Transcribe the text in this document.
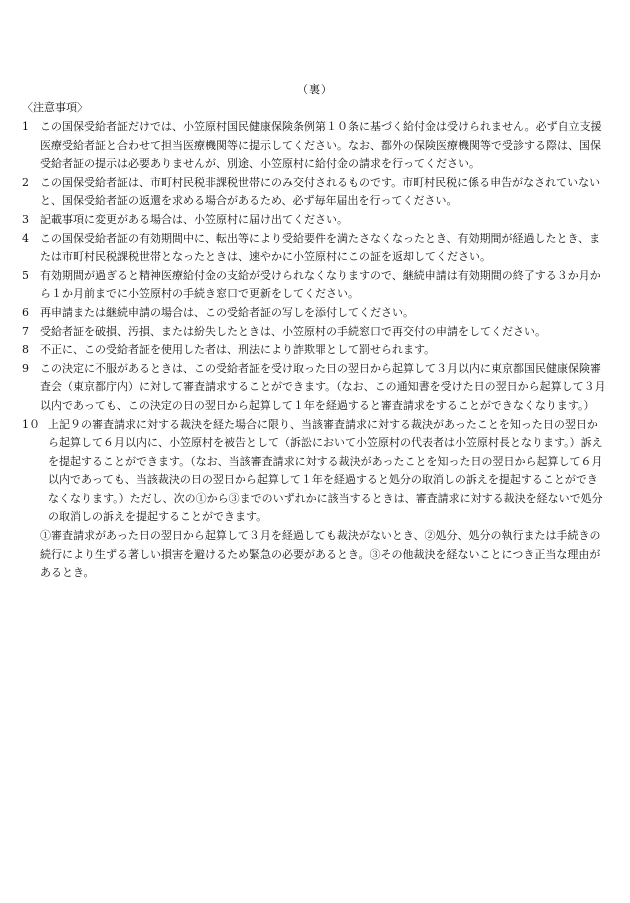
（裏）
〈注意事項〉

1 この国保受給者証だけでは、小笠原村国民健康保険条例第１０条に基づく給付金は受けられません。必ず自立支援医療受給者証と合わせて担当医療機関等に提示してください。なお、都外の保険医療機関等で受診する際は、国保受給者証の提示は必要ありませんが、別途、小笠原村に給付金の請求を行ってください。

2 この国保受給者証は、市町村民税非課税世帯にのみ交付されるものです。市町村民税に係る申告がなされていないと、国保受給者証の返還を求める場合があるため、必ず毎年届出を行ってください。

3 記載事項に変更がある場合は、小笠原村に届け出てください。

4 この国保受給者証の有効期間中に、転出等により受給要件を満たさなくなったとき、有効期間が経過したとき、または市町村民税課税世帯となったときは、速やかに小笠原村にこの証を返却してください。

5 有効期間が過ぎると精神医療給付金の支給が受けられなくなりますので、継続申請は有効期間の終了する３か月から１か月前までに小笠原村の手続き窓口で更新をしてください。

6 再申請または継続申請の場合は、この受給者証の写しを添付してください。

7 受給者証を破損、汚損、または紛失したときは、小笠原村の手続窓口で再交付の申請をしてください。

8 不正に、この受給者証を使用した者は、刑法により詐欺罪として罰せられます。

9 この決定に不服があるときは、この受給者証を受け取った日の翌日から起算して３月以内に東京都国民健康保険審査会（東京都庁内）に対して審査請求することができます。（なお、この通知書を受けた日の翌日から起算して３月以内であっても、この決定の日の翌日から起算して１年を経過すると審査請求をすることができなくなります。）

1０ 上記９の審査請求に対する裁決を経た場合に限り、当該審査請求に対する裁決があったことを知った日の翌日から起算して６月以内に、小笠原村を被告として（訴訟において小笠原村の代表者は小笠原村長となります。）訴えを提起することができます。（なお、当該審査請求に対する裁決があったことを知った日の翌日から起算して６月以内であっても、当該裁決の日の翌日から起算して１年を経過すると処分の取消しの訴えを提起することができなくなります。）ただし、次の①から③までのいずれかに該当するときは、審査請求に対する裁決を経ないで処分の取消しの訴えを提起することができます。

①審査請求があった日の翌日から起算して３月を経過しても裁決がないとき、②処分、処分の執行または手続きの続行により生ずる著しい損害を避けるため緊急の必要があるとき。③その他裁決を経ないことにつき正当な理由があるとき。
